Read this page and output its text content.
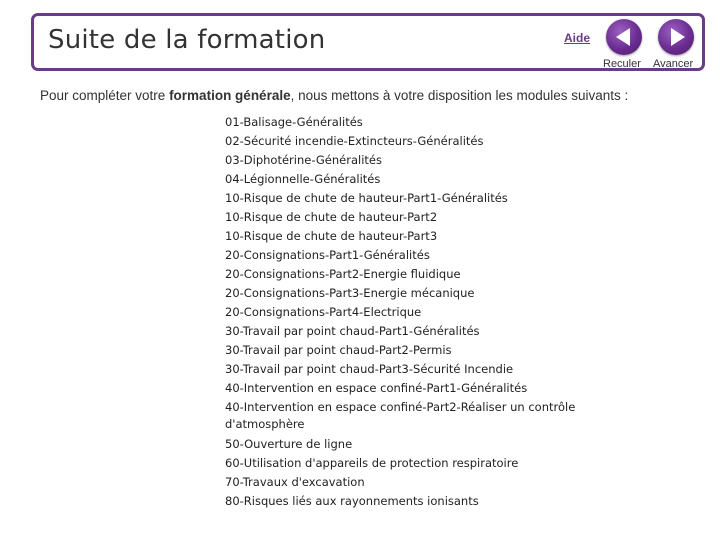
Suite de la formation	Aide
Reculer Avancer
Pour compléter votre formation générale, nous mettons à votre disposition les modules suivants :
01-Balisage-Généralités
02-Sécurité incendie-Extincteurs-Généralités
03-Diphotérine-Généralités
04-Légionnelle-Généralités
10-Risque de chute de hauteur-Part1-Généralités
10-Risque de chute de hauteur-Part2
10-Risque de chute de hauteur-Part3
20-Consignations-Part1-Généralités
20-Consignations-Part2-Energie fluidique
20-Consignations-Part3-Energie mécanique
20-Consignations-Part4-Electrique
30-Travail par point chaud-Part1-Généralités
30-Travail par point chaud-Part2-Permis
30-Travail par point chaud-Part3-Sécurité Incendie
40-Intervention en espace confiné-Part1-Généralités
40-Intervention en espace confiné-Part2-Réaliser un contrôle d'atmosphère
50-Ouverture de ligne
60-Utilisation d'appareils de protection respiratoire
70-Travaux d'excavation
80-Risques liés aux rayonnements ionisants
